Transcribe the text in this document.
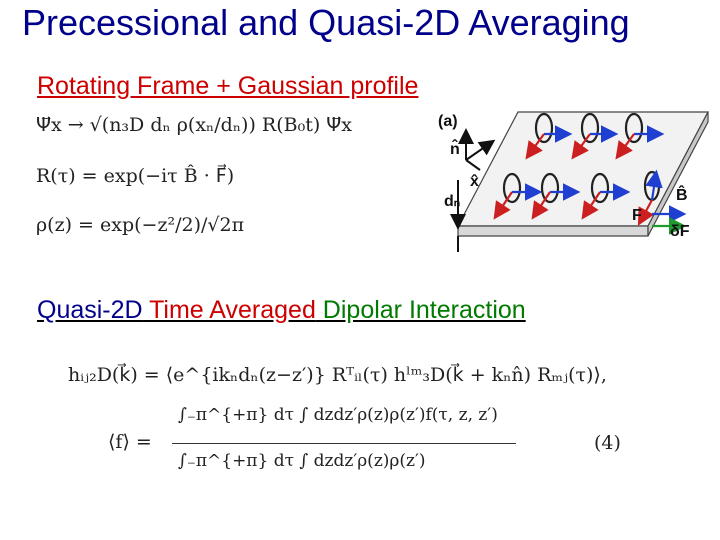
Precessional and Quasi-2D Averaging
Rotating Frame + Gaussian profile
Ψ⃗x → √(n₃D dₙ ρ(xₙ/dₙ)) R(B₀t) Ψ⃗x
R(τ) = exp(−iτ B̂ · F⃗)
ρ(z) = exp(−z²/2)/√2π
(a)
n̂
x̂
dₙ	B̂
F
δF
Quasi-2D Time Averaged Dipolar Interaction
hᵢⱼ₂D(k⃗) = ⟨e^{ikₙdₙ(z−z′)} Rᵀᵢₗ(τ) hˡᵐ₃D(k⃗ + kₙn̂) Rₘⱼ(τ)⟩,
⟨f⟩ =
∫₋π^{+π} dτ ∫ dzdz′ρ(z)ρ(z′)f(τ, z, z′)
∫₋π^{+π} dτ ∫ dzdz′ρ(z)ρ(z′)
(4)
